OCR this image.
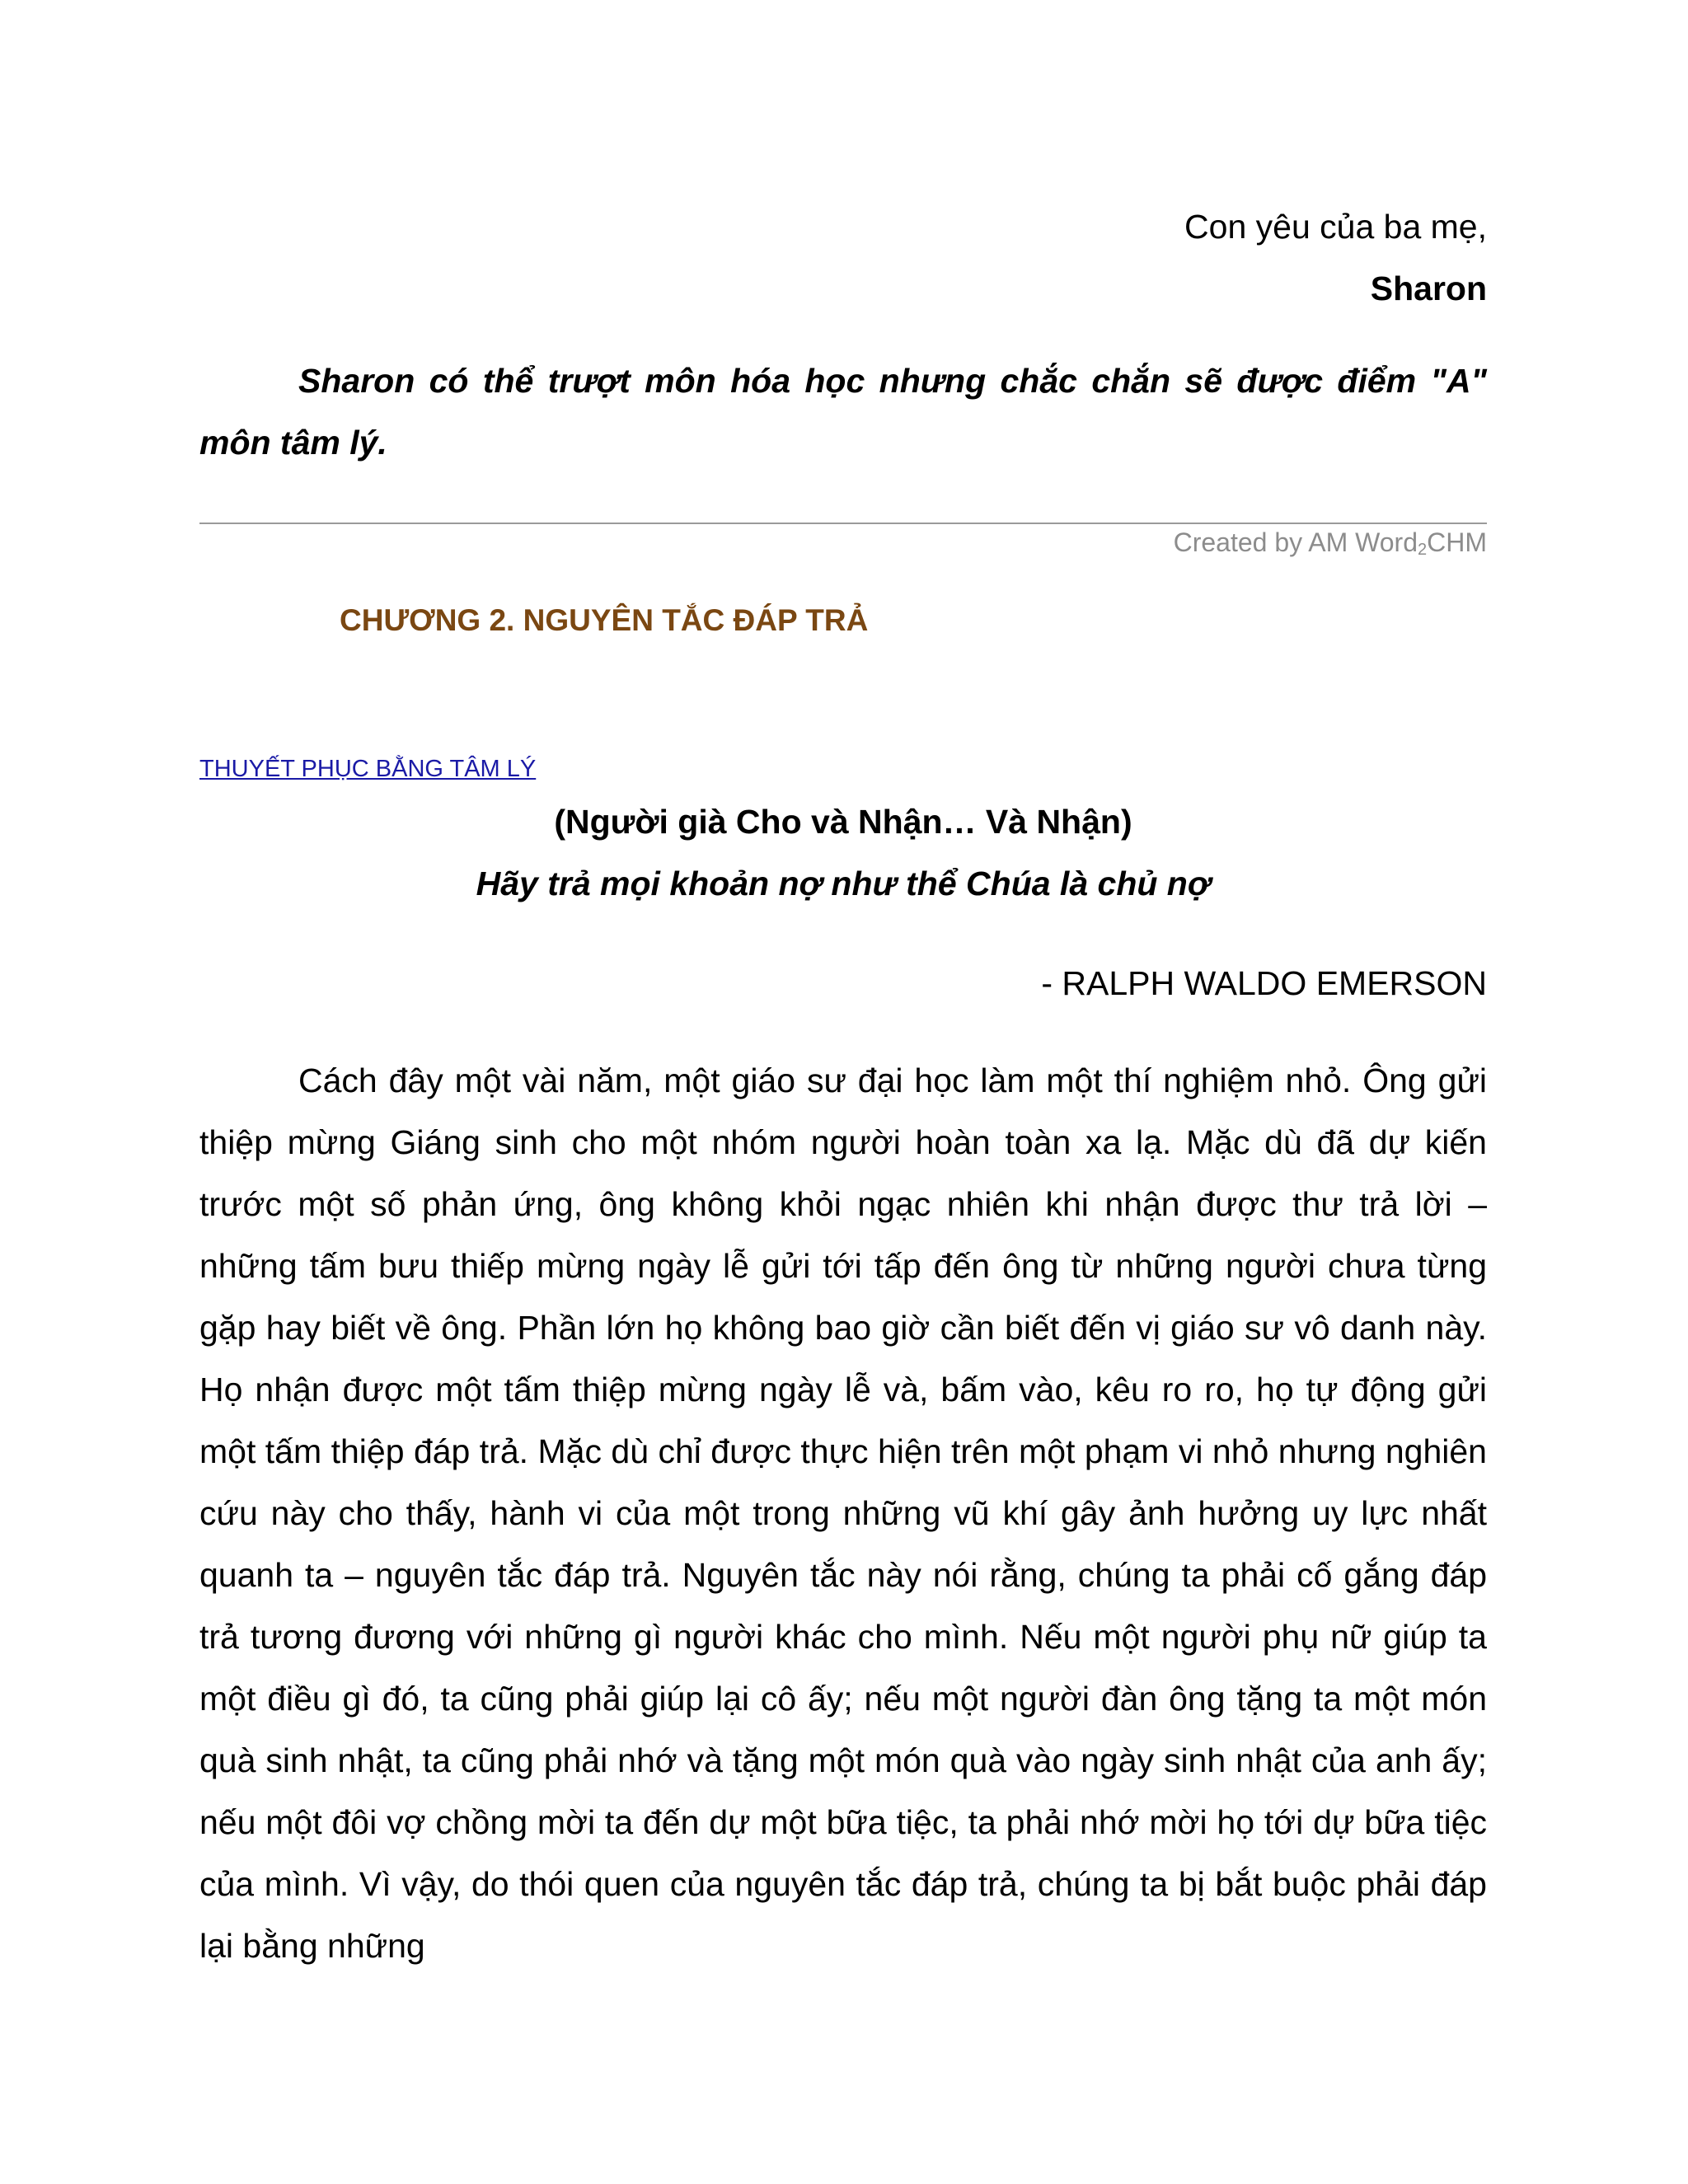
Con yêu của ba mẹ,
Sharon

Sharon có thể trượt môn hóa học nhưng chắc chắn sẽ được điểm "A" môn tâm lý.

Created by AM Word$_2$CHM
CHƯƠNG 2. NGUYÊN TẮC ĐÁP TRẢ
THUYẾT PHỤC BẰNG TÂM LÝ

(Người già Cho và Nhận… Và Nhận)

Hãy trả mọi khoản nợ như thể Chúa là chủ nợ

- RALPH WALDO EMERSON

Cách đây một vài năm, một giáo sư đại học làm một thí nghiệm nhỏ. Ông gửi thiệp mừng Giáng sinh cho một nhóm người hoàn toàn xa lạ. Mặc dù đã dự kiến trước một số phản ứng, ông không khỏi ngạc nhiên khi nhận được thư trả lời – những tấm bưu thiếp mừng ngày lễ gửi tới tấp đến ông từ những người chưa từng gặp hay biết về ông. Phần lớn họ không bao giờ cần biết đến vị giáo sư vô danh này. Họ nhận được một tấm thiệp mừng ngày lễ và, bấm vào, kêu ro ro, họ tự động gửi một tấm thiệp đáp trả. Mặc dù chỉ được thực hiện trên một phạm vi nhỏ nhưng nghiên cứu này cho thấy, hành vi của một trong những vũ khí gây ảnh hưởng uy lực nhất quanh ta – nguyên tắc đáp trả. Nguyên tắc này nói rằng, chúng ta phải cố gắng đáp trả tương đương với những gì người khác cho mình. Nếu một người phụ nữ giúp ta một điều gì đó, ta cũng phải giúp lại cô ấy; nếu một người đàn ông tặng ta một món quà sinh nhật, ta cũng phải nhớ và tặng một món quà vào ngày sinh nhật của anh ấy; nếu một đôi vợ chồng mời ta đến dự một bữa tiệc, ta phải nhớ mời họ tới dự bữa tiệc của mình. Vì vậy, do thói quen của nguyên tắc đáp trả, chúng ta bị bắt buộc phải đáp lại bằng những
